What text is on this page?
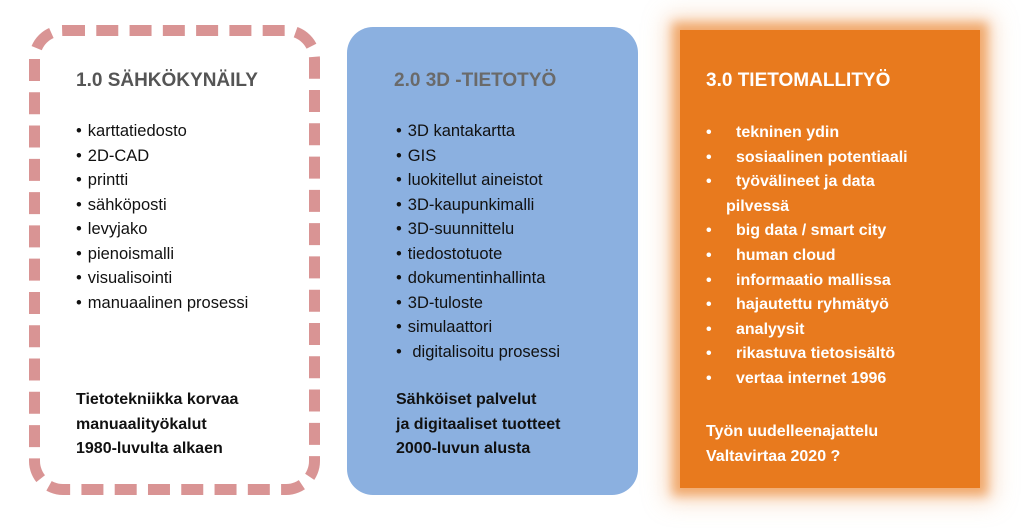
1.0 SÄHKÖKYNÄILY
• karttatiedosto
• 2D-CAD
• printti
• sähköposti
• levyjako
• pienoismalli
• visualisointi
• manuaalinen prosessi
Tietotekniikka korvaa
manuaalityökalut
1980-luvulta alkaen
2.0 3D -TIETOTYÖ
• 3D kantakartta
• GIS
• luokitellut aineistot
• 3D-kaupunkimalli
• 3D-suunnittelu
• tiedostotuote
• dokumentinhallinta
• 3D-tuloste
• simulaattori
•  digitalisoitu prosessi
Sähköiset palvelut
ja digitaaliset tuotteet
2000-luvun alusta
3.0 TIETOMALLITYÖ
• tekninen ydin
• sosiaalinen potentiaali
• työvälineet ja data
pilvessä
• big data / smart city
• human cloud
• informaatio mallissa
• hajautettu ryhmätyö
• analyysit
• rikastuva tietosisältö
• vertaa internet 1996
Työn uudelleenajattelu
Valtavirtaa 2020 ?
